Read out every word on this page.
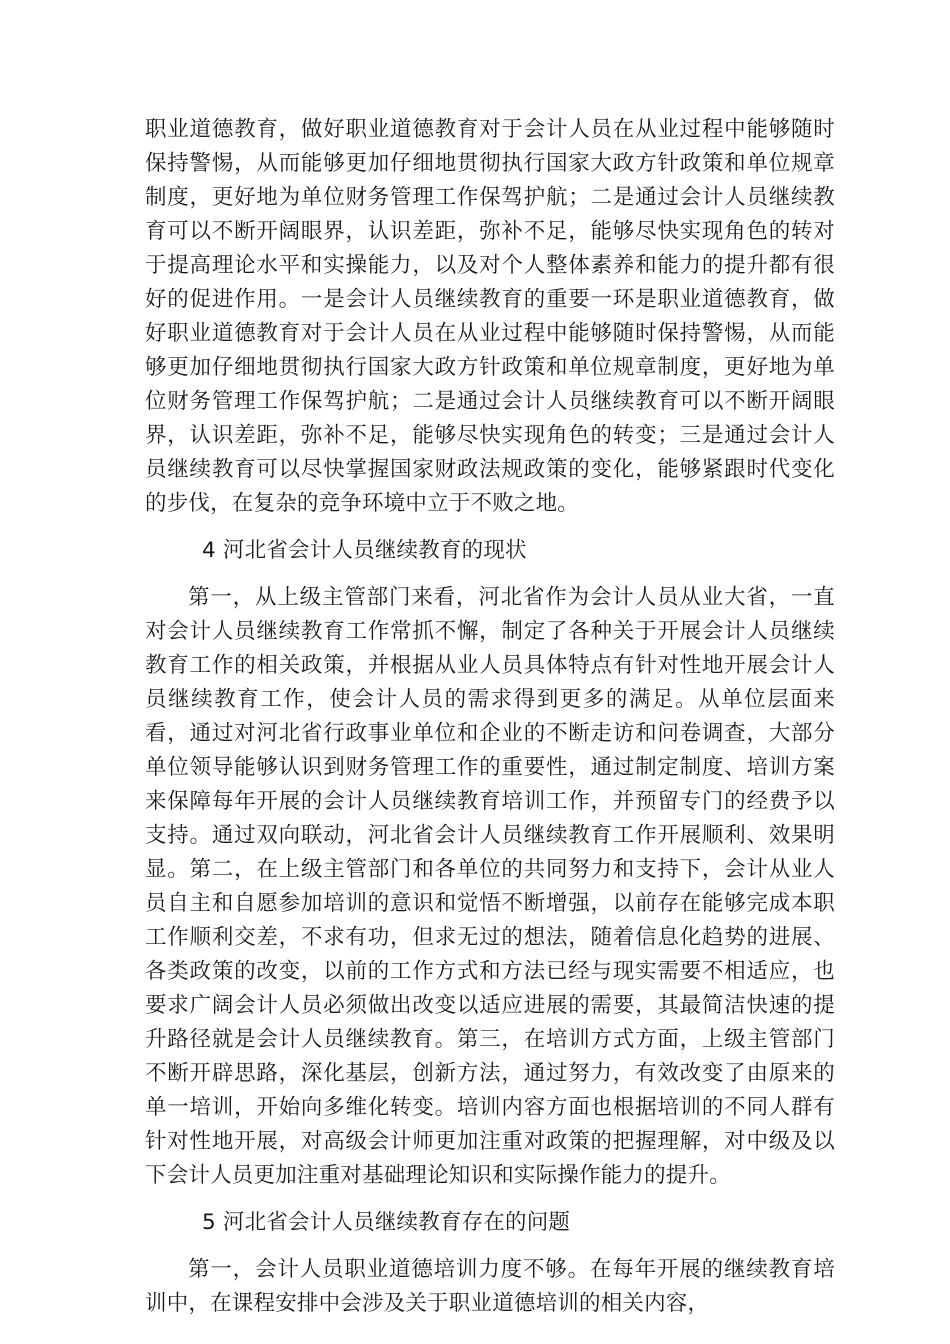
职业道德教育，做好职业道德教育对于会计人员在从业过程中能够随时保持警惕，从而能够更加仔细地贯彻执行国家大政方针政策和单位规章制度，更好地为单位财务管理工作保驾护航；二是通过会计人员继续教育可以不断开阔眼界，认识差距，弥补不足，能够尽快实现角色的转对于提高理论水平和实操能力，以及对个人整体素养和能力的提升都有很好的促进作用。一是会计人员继续教育的重要一环是职业道德教育，做好职业道德教育对于会计人员在从业过程中能够随时保持警惕，从而能够更加仔细地贯彻执行国家大政方针政策和单位规章制度，更好地为单位财务管理工作保驾护航；二是通过会计人员继续教育可以不断开阔眼界，认识差距，弥补不足，能够尽快实现角色的转变；三是通过会计人员继续教育可以尽快掌握国家财政法规政策的变化，能够紧跟时代变化的步伐，在复杂的竞争环境中立于不败之地。

4 河北省会计人员继续教育的现状

第一，从上级主管部门来看，河北省作为会计人员从业大省，一直对会计人员继续教育工作常抓不懈，制定了各种关于开展会计人员继续教育工作的相关政策，并根据从业人员具体特点有针对性地开展会计人员继续教育工作，使会计人员的需求得到更多的满足。从单位层面来看，通过对河北省行政事业单位和企业的不断走访和问卷调查，大部分单位领导能够认识到财务管理工作的重要性，通过制定制度、培训方案来保障每年开展的会计人员继续教育培训工作，并预留专门的经费予以支持。通过双向联动，河北省会计人员继续教育工作开展顺利、效果明显。第二，在上级主管部门和各单位的共同努力和支持下，会计从业人员自主和自愿参加培训的意识和觉悟不断增强，以前存在能够完成本职工作顺利交差，不求有功，但求无过的想法，随着信息化趋势的进展、各类政策的改变，以前的工作方式和方法已经与现实需要不相适应，也要求广阔会计人员必须做出改变以适应进展的需要，其最简洁快速的提升路径就是会计人员继续教育。第三，在培训方式方面，上级主管部门不断开辟思路，深化基层，创新方法，通过努力，有效改变了由原来的单一培训，开始向多维化转变。培训内容方面也根据培训的不同人群有针对性地开展，对高级会计师更加注重对政策的把握理解，对中级及以下会计人员更加注重对基础理论知识和实际操作能力的提升。

5 河北省会计人员继续教育存在的问题

第一，会计人员职业道德培训力度不够。在每年开展的继续教育培训中，在课程安排中会涉及关于职业道德培训的相关内容，
